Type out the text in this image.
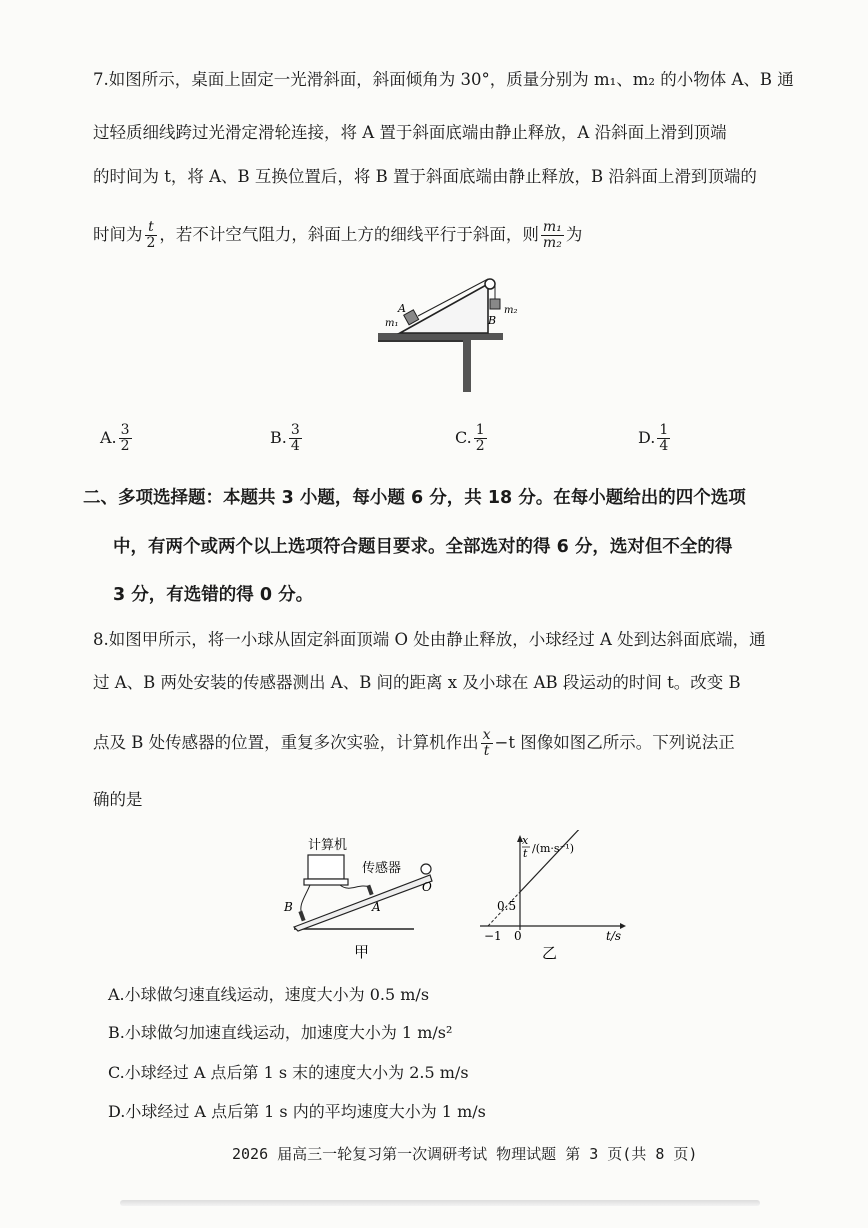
7.如图所示，桌面上固定一光滑斜面，斜面倾角为 30°，质量分别为 m₁、m₂ 的小物体 A、B 通
过轻质细线跨过光滑定滑轮连接，将 A 置于斜面底端由静止释放，A 沿斜面上滑到顶端
的时间为 t，将 A、B 互换位置后，将 B 置于斜面底端由静止释放，B 沿斜面上滑到顶端的
时间为 $\frac{t}{2}$ ，若不计空气阻力，斜面上方的细线平行于斜面，则 $\frac{\text{m₁}}{\text{m₂}}$ 为
A
m₁	B
m₂
A. $\frac{3}{2}$	B. $\frac{3}{4}$	C. $\frac{1}{2}$	D. $\frac{1}{4}$
二、多项选择题：本题共 3 小题，每小题 6 分，共 18 分。在每小题给出的四个选项
中，有两个或两个以上选项符合题目要求。全部选对的得 6 分，选对但不全的得
3 分，有选错的得 0 分。
8.如图甲所示，将一小球从固定斜面顶端 O 处由静止释放，小球经过 A 处到达斜面底端，通
过 A、B 两处安装的传感器测出 A、B 间的距离 x 及小球在 AB 段运动的时间 t。改变 B
点及 B 处传感器的位置，重复多次实验，计算机作出 $\frac{x}{t} -t$ 图像如图乙所示。下列说法正
确的是
计算机
传感器
B	A
O
甲
x
t /(m·s⁻¹)
0.5
−1 0	t/s
乙
A.小球做匀速直线运动，速度大小为 0.5 m/s
B.小球做匀加速直线运动，加速度大小为 1 m/s²
C.小球经过 A 点后第 1 s 末的速度大小为 2.5 m/s
D.小球经过 A 点后第 1 s 内的平均速度大小为 1 m/s
2026 届高三一轮复习第一次调研考试 物理试题 第 3 页(共 8 页)
